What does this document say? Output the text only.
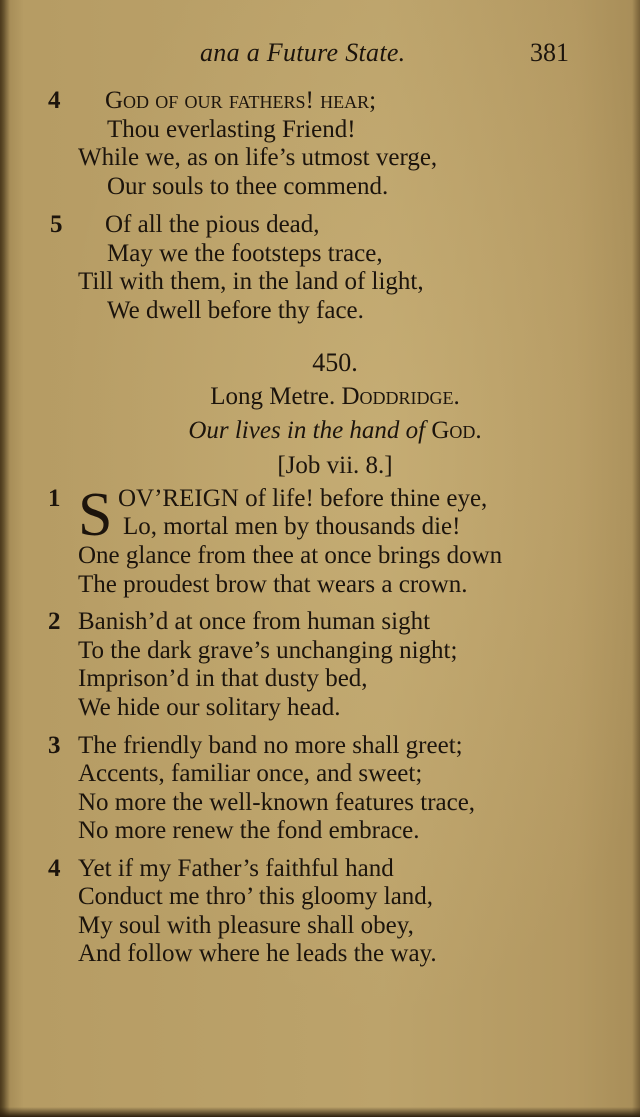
ana a Future State.	381
4 God of our fathers! hear;
Thou everlasting Friend!
While we, as on life’s utmost verge,
Our souls to thee commend.
5 Of all the pious dead,
May we the footsteps trace,
Till with them, in the land of light,
We dwell before thy face.
450.
Long Metre. Doddridge.
Our lives in the hand of God.
[Job vii. 8.]
S
1 OV’REIGN of life! before thine eye,
Lo, mortal men by thousands die!
One glance from thee at once brings down
The proudest brow that wears a crown.
2 Banish’d at once from human sight
To the dark grave’s unchanging night;
Imprison’d in that dusty bed,
We hide our solitary head.
3 The friendly band no more shall greet;
Accents, familiar once, and sweet;
No more the well-known features trace,
No more renew the fond embrace.
4 Yet if my Father’s faithful hand
Conduct me thro’ this gloomy land,
My soul with pleasure shall obey,
And follow where he leads the way.
